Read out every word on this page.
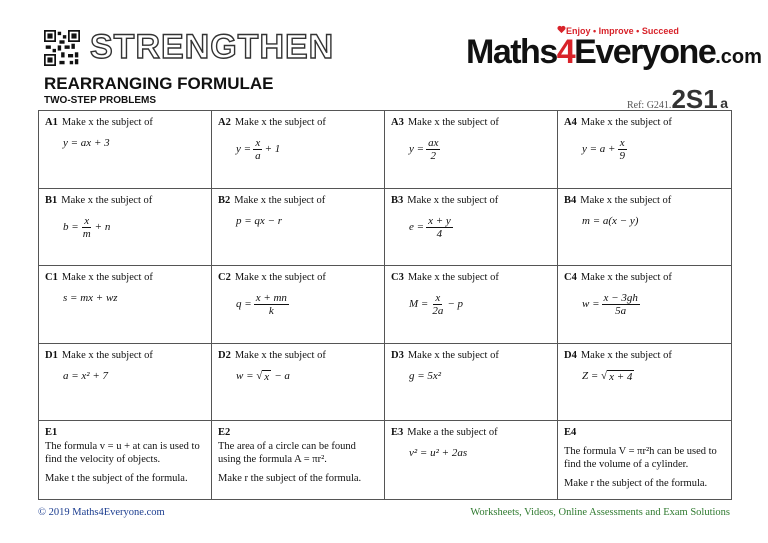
STRENGTHEN	Enjoy • Improve • Succeed
Maths4Everyone.com
REARRANGING FORMULAE
TWO-STEP PROBLEMS	Ref: G241.2S1 a
A1 Make x the subject of
y = ax + 3
A2 Make x the subject of
$y = \frac{x}{a} + 1$
A3 Make x the subject of
$y = \frac{ax}{2}$
A4 Make x the subject of
$y = a + \frac{x}{9}$
B1 Make x the subject of
$b = \frac{x}{m} + n$
B2 Make x the subject of
p = qx − r
B3 Make x the subject of
$e = \frac{x + y}{4}$
B4 Make x the subject of
m = a(x − y)
C1 Make x the subject of
s = mx + wz
C2 Make x the subject of
$q = \frac{x + mn}{k}$
C3 Make x the subject of
$M = \frac{x}{2a} - p$
C4 Make x the subject of
$w = \frac{x - 3gh}{5a}$
D1 Make x the subject of
a = x² + 7
D2 Make x the subject of
w = √ x − a
D3 Make x the subject of
g = 5x²
D4 Make x the subject of
Z = √ x + 4
E1
The formula v = u + at can is used to find the velocity of objects.
Make t the subject of the formula.
E2
The area of a circle can be found using the formula A = πr².
Make r the subject of the formula.
E3 Make a the subject of
v² = u² + 2as
E4
The formula V = πr²h can be used to find the volume of a cylinder.
Make r the subject of the formula.
© 2019 Maths4Everyone.com	Worksheets, Videos, Online Assessments and Exam Solutions
